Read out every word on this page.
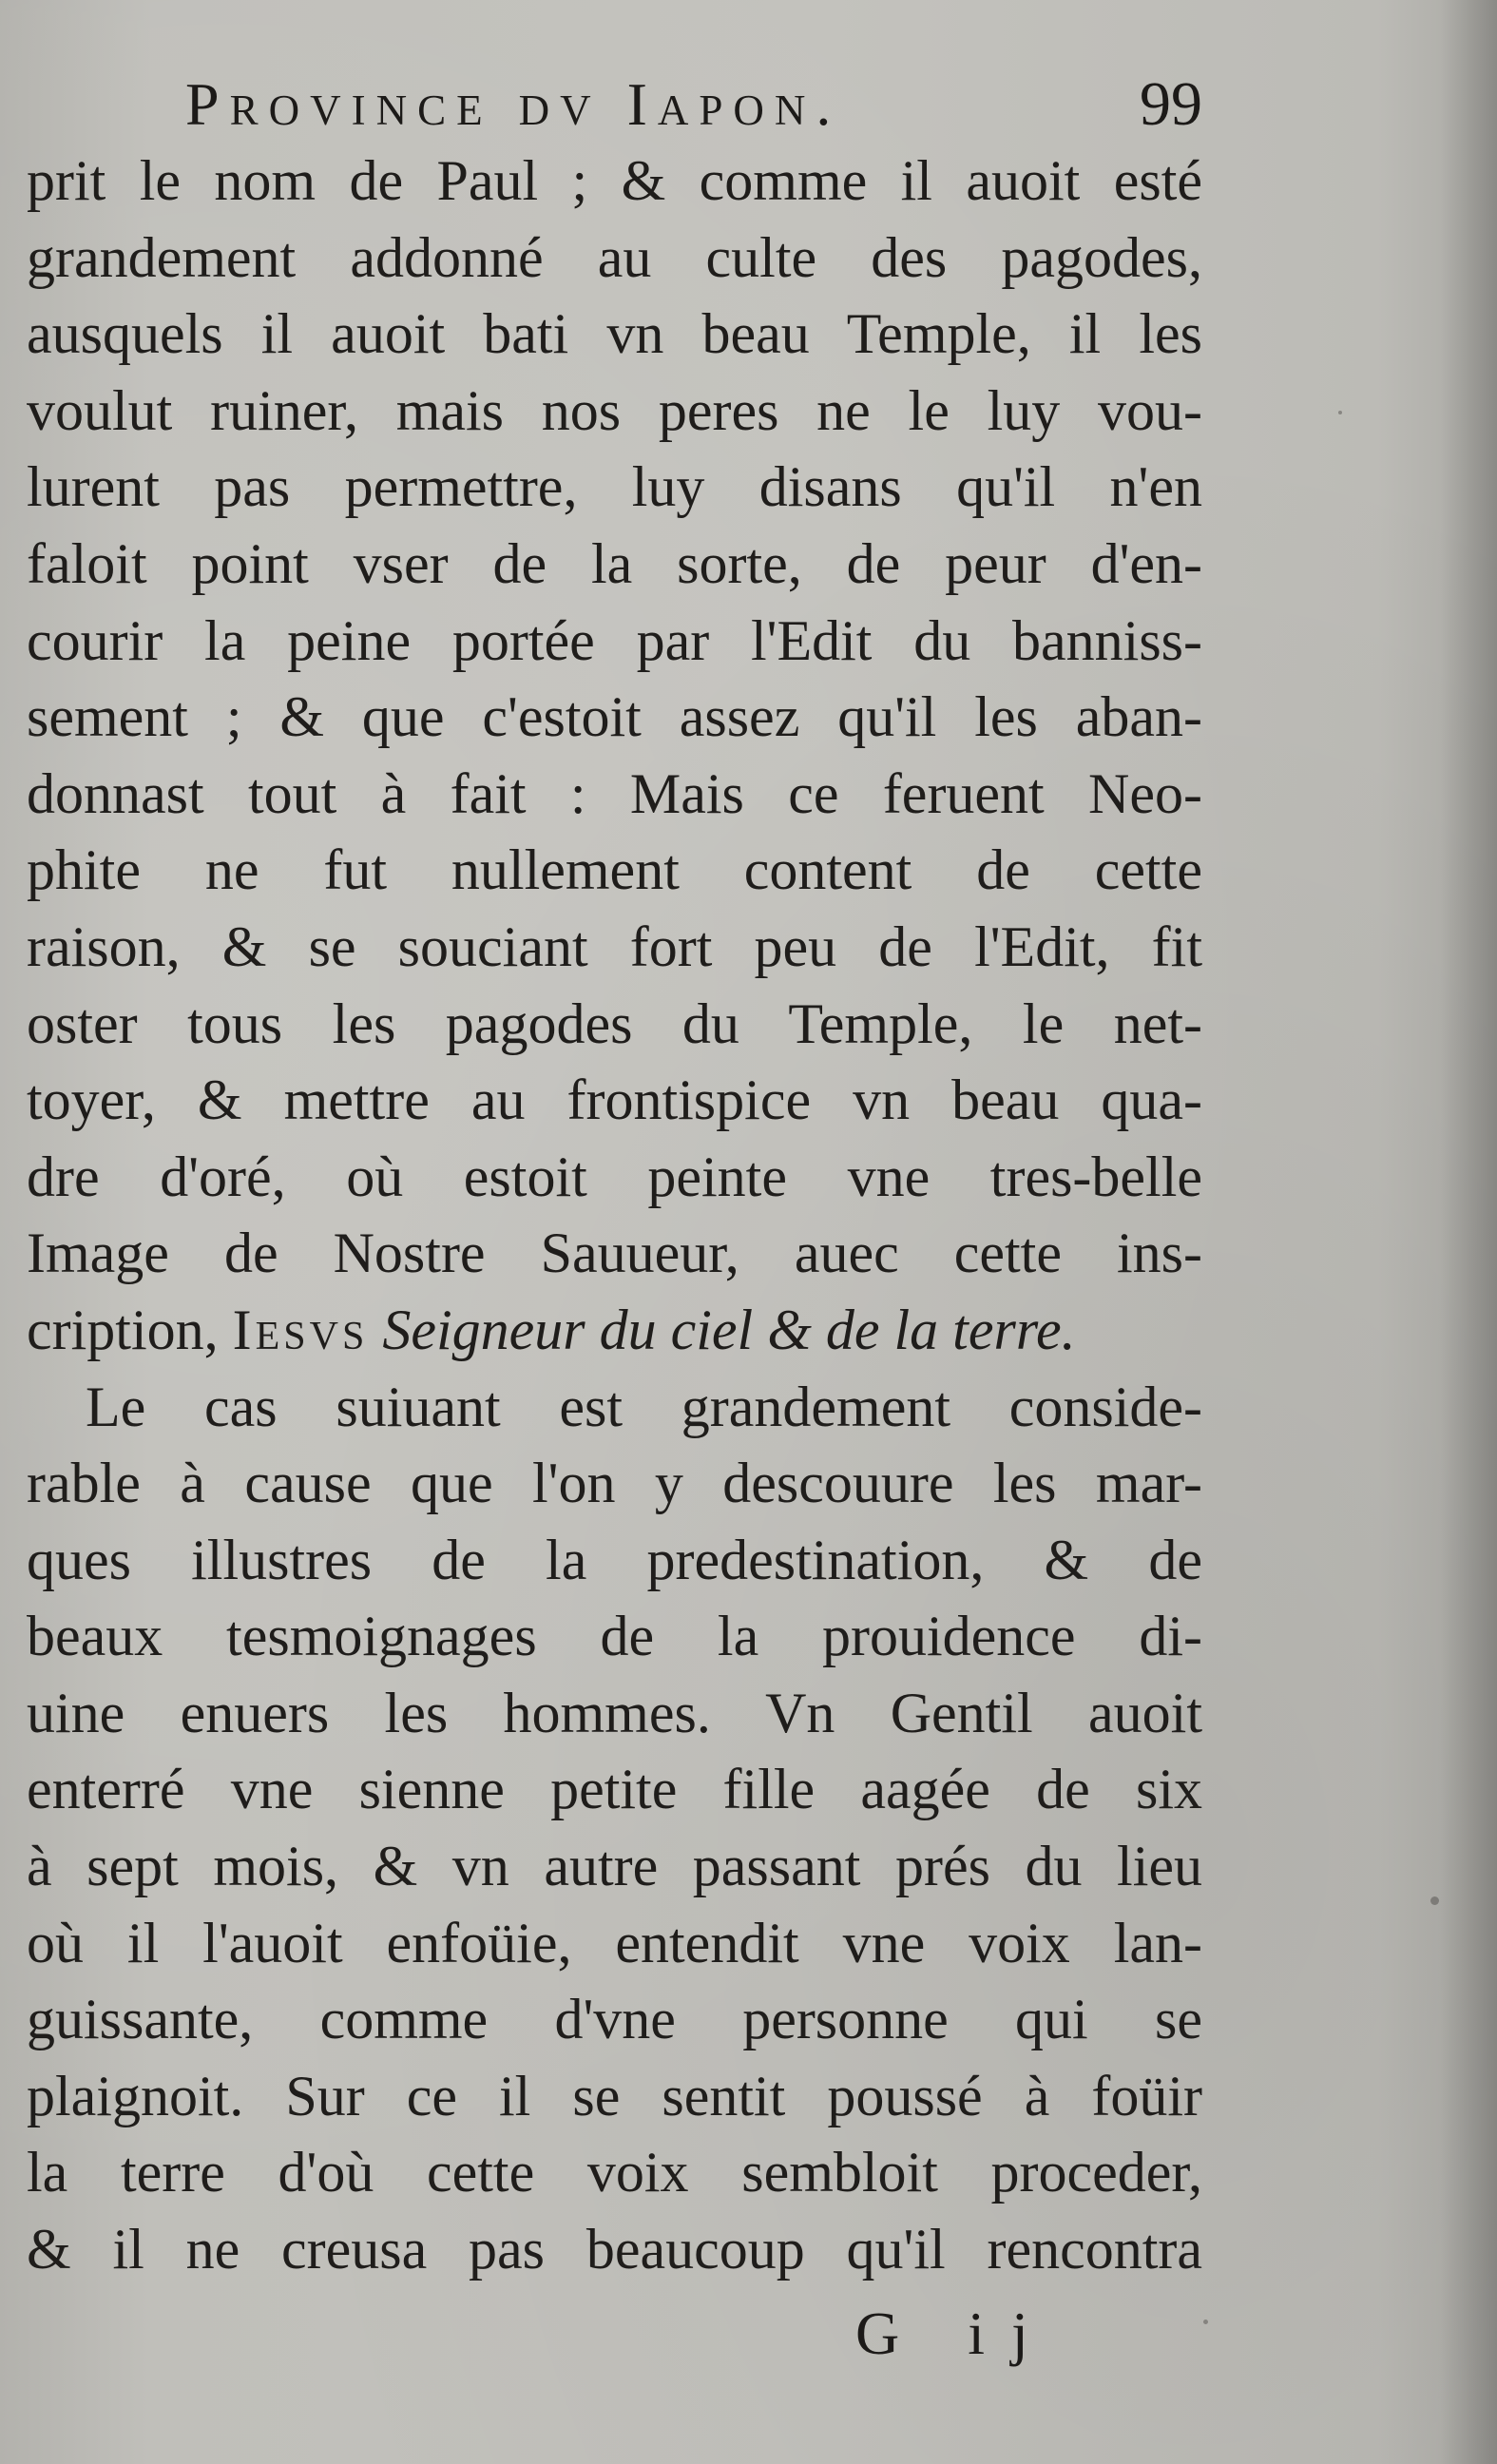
Province dv Iapon.	99
prit le nom de Paul ; & comme il auoit esté
grandement addonné au culte des pagodes,
ausquels il auoit bati vn beau Temple, il les
voulut ruiner, mais nos peres ne le luy vou-
lurent pas permettre, luy disans qu'il n'en
faloit point vser de la sorte, de peur d'en-
courir la peine portée par l'Edit du banniss-
sement ; & que c'estoit assez qu'il les aban-
donnast tout à fait : Mais ce feruent Neo-
phite ne fut nullement content de cette
raison, & se souciant fort peu de l'Edit, fit
oster tous les pagodes du Temple, le net-
toyer, & mettre au frontispice vn beau qua-
dre d'oré, où estoit peinte vne tres-belle
Image de Nostre Sauueur, auec cette ins-
cription, Iesvs Seigneur du ciel & de la terre.
Le cas suiuant est grandement conside-
rable à cause que l'on y descouure les mar-
ques illustres de la predestination, & de
beaux tesmoignages de la prouidence di-
uine enuers les hommes. Vn Gentil auoit
enterré vne sienne petite fille aagée de six
à sept mois, & vn autre passant prés du lieu
où il l'auoit enfoüie, entendit vne voix lan-
guissante, comme d'vne personne qui se
plaignoit. Sur ce il se sentit poussé à foüir
la terre d'où cette voix sembloit proceder,
& il ne creusa pas beaucoup qu'il rencontra
G ij
